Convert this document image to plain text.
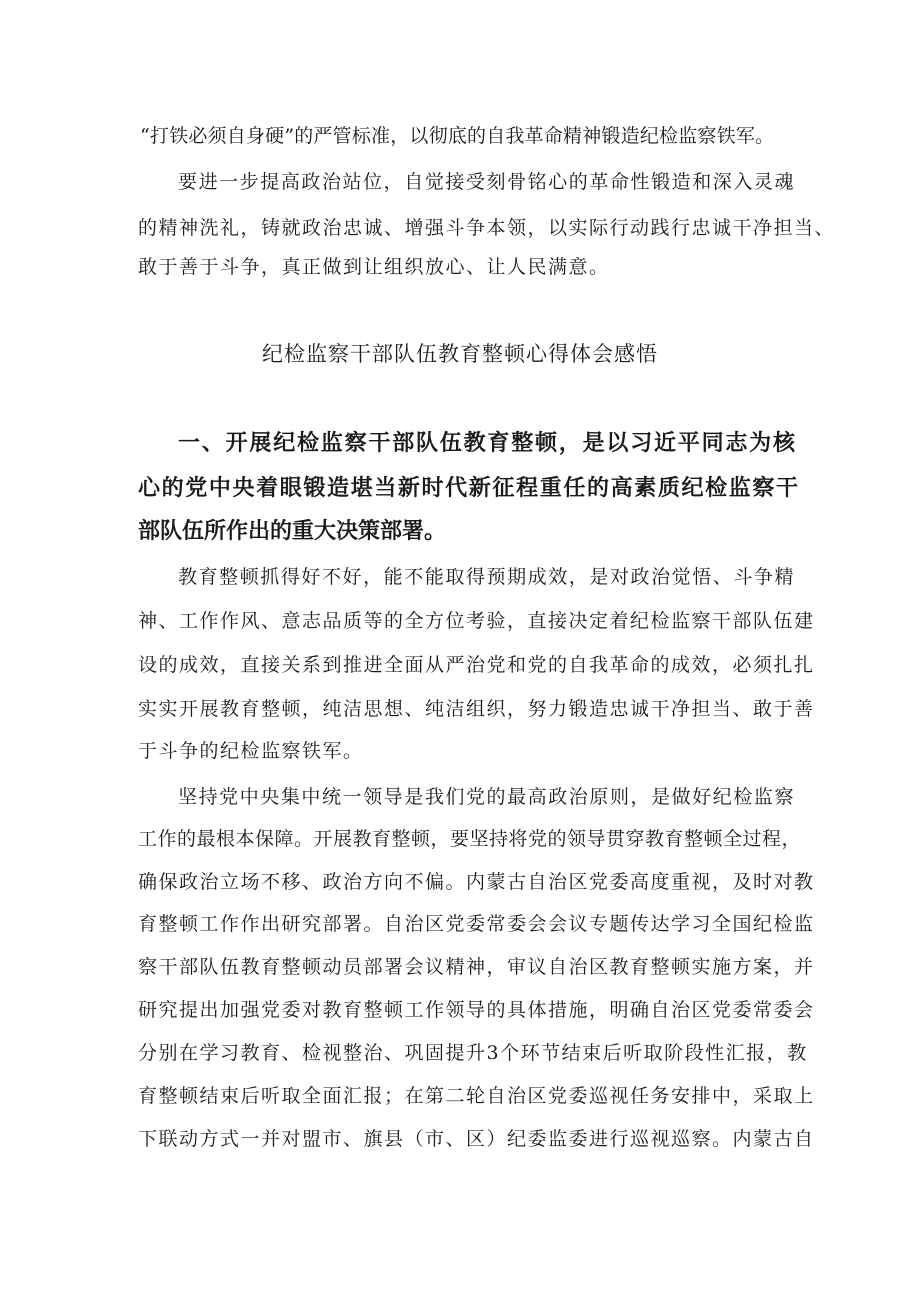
“打铁必须自身硬”的严管标准，以彻底的自我革命精神锻造纪检监察铁军。
要进一步提高政治站位，自觉接受刻骨铭心的革命性锻造和深入灵魂
的精神洗礼，铸就政治忠诚、增强斗争本领，以实际行动践行忠诚干净担当、
敢于善于斗争，真正做到让组织放心、让人民满意。
纪检监察干部队伍教育整顿心得体会感悟
一、开展纪检监察干部队伍教育整顿，是以习近平同志为核
心的党中央着眼锻造堪当新时代新征程重任的高素质纪检监察干
部队伍所作出的重大决策部署。
教育整顿抓得好不好，能不能取得预期成效，是对政治觉悟、斗争精
神、工作作风、意志品质等的全方位考验，直接决定着纪检监察干部队伍建
设的成效，直接关系到推进全面从严治党和党的自我革命的成效，必须扎扎
实实开展教育整顿，纯洁思想、纯洁组织，努力锻造忠诚干净担当、敢于善
于斗争的纪检监察铁军。
坚持党中央集中统一领导是我们党的最高政治原则，是做好纪检监察
工作的最根本保障。开展教育整顿，要坚持将党的领导贯穿教育整顿全过程，
确保政治立场不移、政治方向不偏。内蒙古自治区党委高度重视，及时对教
育整顿工作作出研究部署。自治区党委常委会会议专题传达学习全国纪检监
察干部队伍教育整顿动员部署会议精神，审议自治区教育整顿实施方案，并
研究提出加强党委对教育整顿工作领导的具体措施，明确自治区党委常委会
分别在学习教育、检视整治、巩固提升3个环节结束后听取阶段性汇报，教
育整顿结束后听取全面汇报；在第二轮自治区党委巡视任务安排中，采取上
下联动方式一并对盟市、旗县（市、区）纪委监委进行巡视巡察。内蒙古自
